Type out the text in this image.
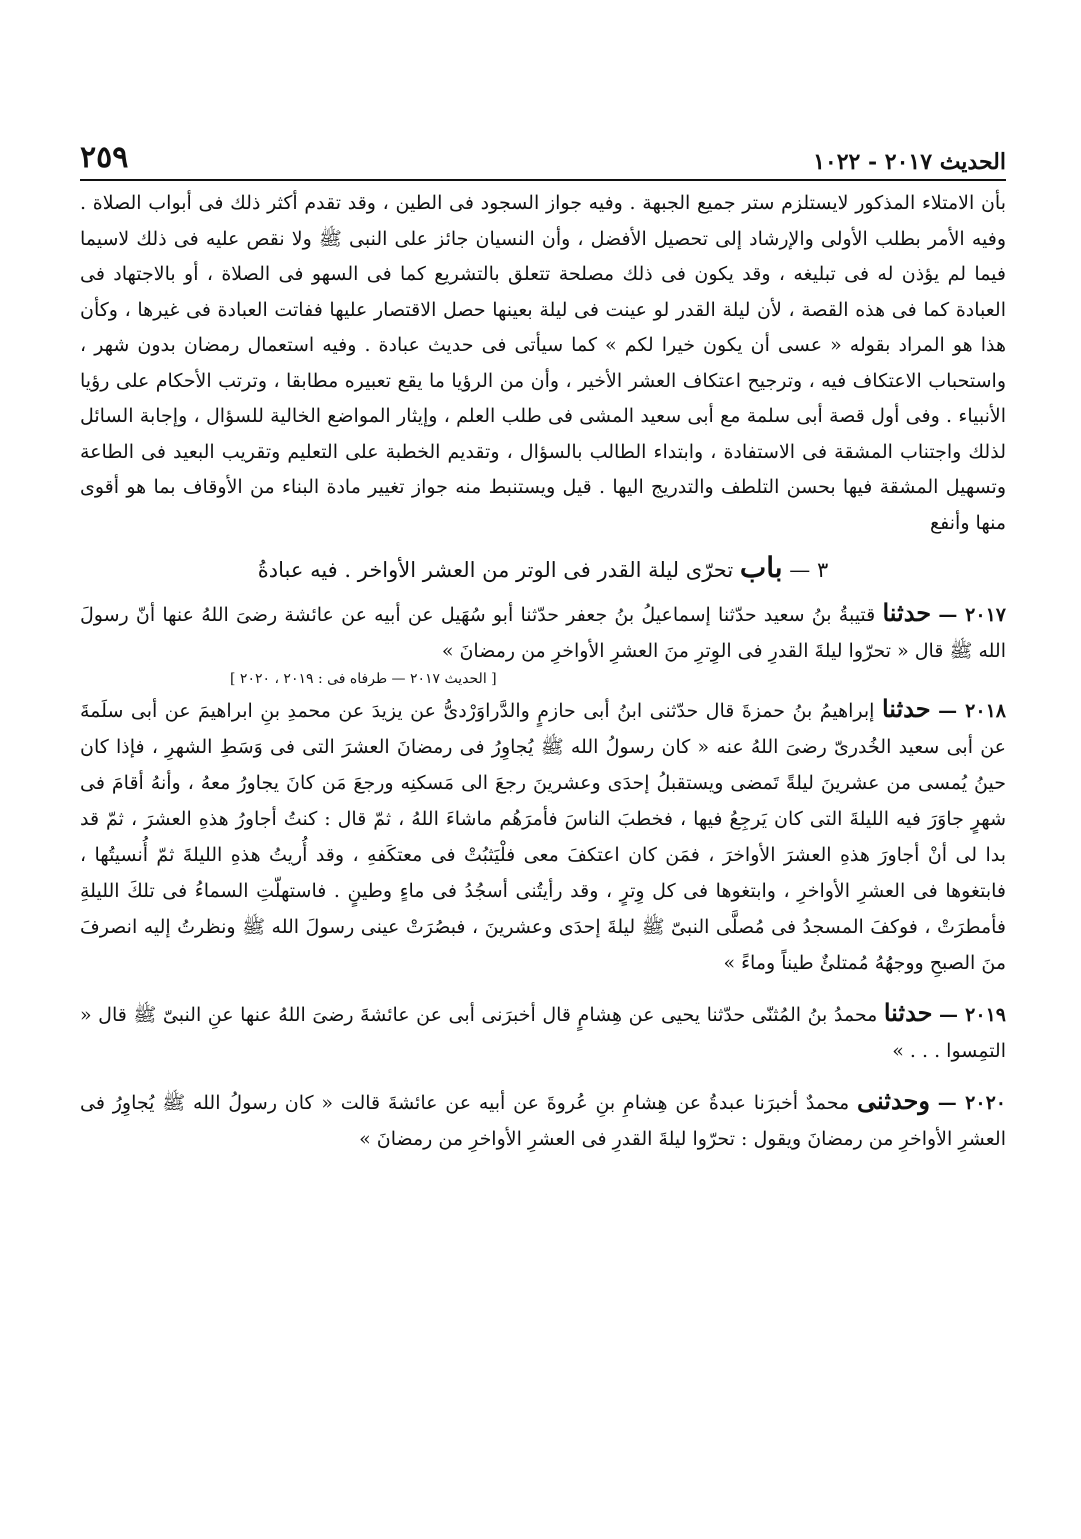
الحديث ٢٠١٧ - ١٠٢٢
٢٥٩

بأن الامتلاء المذكور لايستلزم ستر جميع الجبهة . وفيه جواز السجود فى الطين ، وقد تقدم أكثر ذلك فى أبواب الصلاة . وفيه الأمر بطلب الأولى والإرشاد إلى تحصيل الأفضل ، وأن النسيان جائز على النبى ﷺ ولا نقص عليه فى ذلك لاسيما فيما لم يؤذن له فى تبليغه ، وقد يكون فى ذلك مصلحة تتعلق بالتشريع كما فى السهو فى الصلاة ، أو بالاجتهاد فى العبادة كما فى هذه القصة ، لأن ليلة القدر لو عينت فى ليلة بعينها حصل الاقتصار عليها ففاتت العبادة فى غيرها ، وكأن هذا هو المراد بقوله « عسى أن يكون خيرا لكم » كما سيأتى فى حديث عبادة . وفيه استعمال رمضان بدون شهر ، واستحباب الاعتكاف فيه ، وترجيح اعتكاف العشر الأخير ، وأن من الرؤيا ما يقع تعبيره مطابقا ، وترتب الأحكام على رؤيا الأنبياء . وفى أول قصة أبى سلمة مع أبى سعيد المشى فى طلب العلم ، وإيثار المواضع الخالية للسؤال ، وإجابة السائل لذلك واجتناب المشقة فى الاستفادة ، وابتداء الطالب بالسؤال ، وتقديم الخطبة على التعليم وتقريب البعيد فى الطاعة وتسهيل المشقة فيها بحسن التلطف والتدريج اليها . قيل ويستنبط منه جواز تغيير مادة البناء من الأوقاف بما هو أقوى منها وأنفع

٣ — باب تحرّى ليلة القدر فى الوتر من العشر الأواخر . فيه عبادةُ

٢٠١٧ — حدثنا قتيبةُ بنُ سعيد حدّثنا إسماعيلُ بنُ جعفر حدّثنا أبو سُهَيل عن أبيه عن عائشة رضىَ اللهُ عنها أنّ رسولَ الله ﷺ قال « تحرّوا ليلةَ القدرِ فى الوِترِ منَ العشرِ الأواخرِ من رمضانَ »

[ الحديث ٢٠١٧ — طرفاه فى : ٢٠١٩ ، ٢٠٢٠ ]

٢٠١٨ — حدثنا إبراهيمُ بنُ حمزةَ قال حدّثنى ابنُ أبى حازمٍ والدَّراوَرْدىُّ عن يزيدَ عن محمدِ بنِ ابراهيمَ عن أبى سلَمةَ عن أبى سعيد الخُدرىّ رضىَ اللهُ عنه « كان رسولُ الله ﷺ يُجاوِرُ فى رمضانَ العشرَ التى فى وَسَطِ الشهرِ ، فإذا كان حينُ يُمسى من عشرينَ ليلةً تَمضى ويستقبلُ إحدَى وعشرينَ رجعَ الى مَسكنِه ورجعَ مَن كانَ يجاورُ معهُ ، وأنهُ أقامَ فى شهرٍ جاوَرَ فيه الليلةَ التى كان يَرجِعُ فيها ، فخطبَ الناسَ فأمرَهُم ماشاءَ اللهُ ، ثمّ قال : كنتُ أجاورُ هذهِ العشرَ ، ثمّ قد بدا لى أنْ أجاورَ هذهِ العشرَ الأواخرَ ، فمَن كان اعتكفَ معى فلْيَثبُتْ فى معتكَفهِ ، وقد أُريتُ هذهِ الليلةَ ثمّ أُنسيتُها ، فابتغوها فى العشرِ الأواخرِ ، وابتغوها فى كل وِترٍ ، وقد رأيتُنى أسجُدُ فى ماءٍ وطينٍ . فاستهلّتِ السماءُ فى تلكَ الليلةِ فأمطرَتْ ، فوكفَ المسجدُ فى مُصلَّى النبىّ ﷺ ليلةَ إحدَى وعشرينَ ، فبصُرَتْ عينى رسولَ الله ﷺ ونظرتُ إليه انصرفَ منَ الصبحِ ووجهُهُ مُمتلئٌ طيناً وماءً »

٢٠١٩ — حدثنا محمدُ بنُ المُثنّى حدّثنا يحيى عن هِشامٍ قال أخبرَنى أبى عن عائشةَ رضىَ اللهُ عنها عنِ النبىّ ﷺ قال « التمِسوا . . . »

٢٠٢٠ — وحدثنى محمدٌ أخبرَنا عبدةُ عن هِشامِ بنِ عُروةَ عن أبيه عن عائشةَ قالت « كان رسولُ الله ﷺ يُجاوِرُ فى العشرِ الأواخرِ من رمضانَ ويقول : تحرّوا ليلةَ القدرِ فى العشرِ الأواخرِ من رمضانَ »
